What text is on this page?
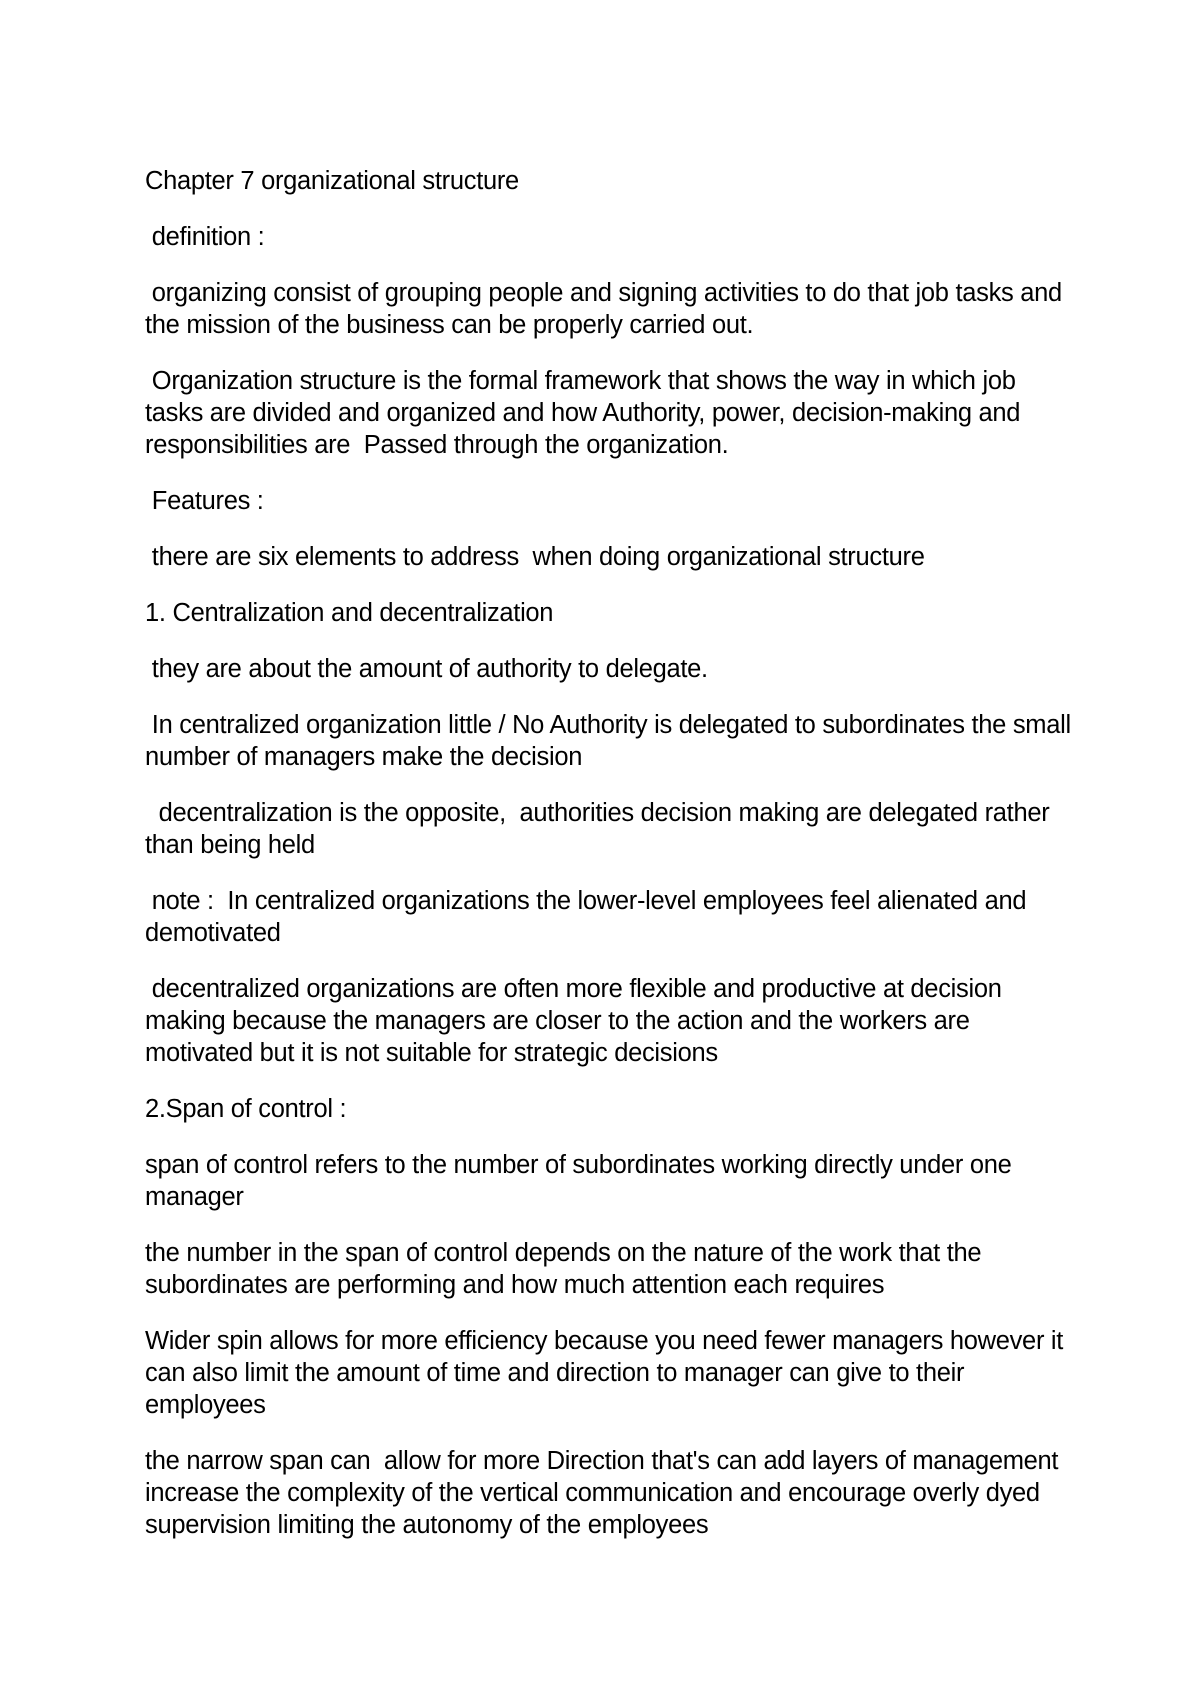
Chapter 7 organizational structure

definition :

organizing consist of grouping people and signing activities to do that job tasks and the mission of the business can be properly carried out.

Organization structure is the formal framework that shows the way in which job tasks are divided and organized and how Authority, power, decision-making and responsibilities are  Passed through the organization.

Features :

there are six elements to address  when doing organizational structure

1. Centralization and decentralization

they are about the amount of authority to delegate.

In centralized organization little / No Authority is delegated to subordinates the small number of managers make the decision

decentralization is the opposite,  authorities decision making are delegated rather than being held

note :  In centralized organizations the lower-level employees feel alienated and demotivated

decentralized organizations are often more flexible and productive at decision making because the managers are closer to the action and the workers are motivated but it is not suitable for strategic decisions

2.Span of control :

span of control refers to the number of subordinates working directly under one manager

the number in the span of control depends on the nature of the work that the subordinates are performing and how much attention each requires

Wider spin allows for more efficiency because you need fewer managers however it can also limit the amount of time and direction to manager can give to their employees

the narrow span can  allow for more Direction that's can add layers of management increase the complexity of the vertical communication and encourage overly dyed supervision limiting the autonomy of the employees
